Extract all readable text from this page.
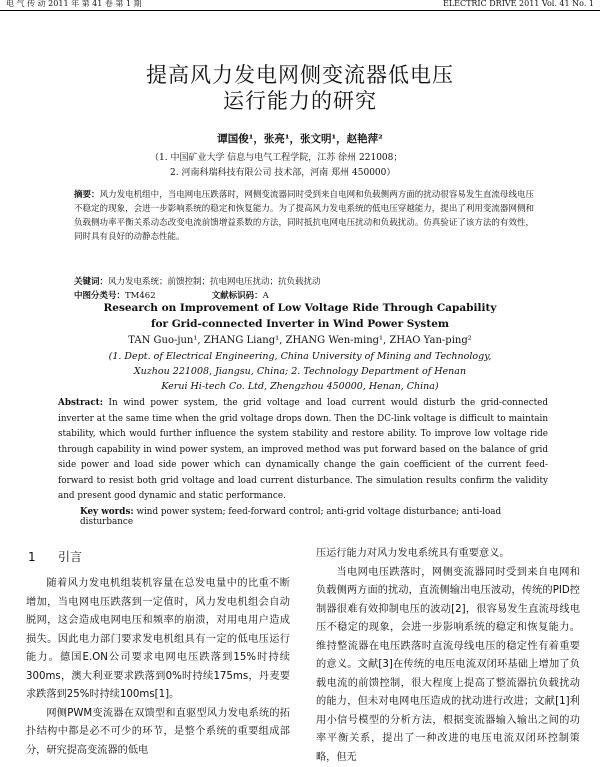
电 气 传 动 2011 年 第 41 卷 第 1 期	ELECTRIC DRIVE 2011 Vol. 41 No. 1
提高风力发电网侧变流器低电压
运行能力的研究
谭国俊¹，张亮¹，张文明¹，赵艳萍²
（1. 中国矿业大学 信息与电气工程学院，江苏 徐州 221008；
2. 河南科瑞科技有限公司 技术部，河南 郑州 450000）
摘要：风力发电机组中，当电网电压跌落时，网侧变流器同时受到来自电网和负载侧两方面的扰动很容易发生直流母线电压不稳定的现象，会进一步影响系统的稳定和恢复能力。为了提高风力发电系统的低电压穿越能力，提出了利用变流器网侧和负载侧功率平衡关系动态改变电流前馈增益系数的方法，同时抵抗电网电压扰动和负载扰动。仿真验证了该方法的有效性，同时具有良好的动静态性能。
关键词：风力发电系统；前馈控制；抗电网电压扰动；抗负载扰动
中图分类号：TM462	文献标识码：A
Research on Improvement of Low Voltage Ride Through Capability
for Grid-connected Inverter in Wind Power System
TAN Guo-jun¹, ZHANG Liang¹, ZHANG Wen-ming¹, ZHAO Yan-ping²
(1. Dept. of Electrical Engineering, China University of Mining and Technology,
Xuzhou 221008, Jiangsu, China; 2. Technology Department of Henan
Kerui Hi-tech Co. Ltd, Zhengzhou 450000, Henan, China)
Abstract: In wind power system, the grid voltage and load current would disturb the grid-connected inverter at the same time when the grid voltage drops down. Then the DC-link voltage is difficult to maintain stability, which would further influence the system stability and restore ability. To improve low voltage ride through capability in wind power system, an improved method was put forward based on the balance of grid side power and load side power which can dynamically change the gain coefficient of the current feed-forward to resist both grid voltage and load current disturbance. The simulation results confirm the validity and present good dynamic and static performance.
Key words: wind power system; feed-forward control; anti-grid voltage disturbance; anti-load disturbance
1 引言

随着风力发电机组装机容量在总发电量中的比重不断增加，当电网电压跌落到一定值时，风力发电机组会自动脱网，这会造成电网电压和频率的崩溃，对用电用户造成损失。因此电力部门要求发电机组具有一定的低电压运行能力。德国E.ON公司要求电网电压跌落到15%时持续300ms，澳大利亚要求跌落到0%时持续175ms，丹麦要求跌落到25%时持续100ms[1]。

网侧PWM变流器在双馈型和直驱型风力发电系统的拓扑结构中都是必不可少的环节，是整个系统的重要组成部分，研究提高变流器的低电

压运行能力对风力发电系统具有重要意义。

当电网电压跌落时，网侧变流器同时受到来自电网和负载侧两方面的扰动，直流侧输出电压波动，传统的PID控制器很难有效抑制电压的波动[2]，很容易发生直流母线电压不稳定的现象，会进一步影响系统的稳定和恢复能力。维持整流器在电压跌落时直流母线电压的稳定性有着重要的意义。文献[3]在传统的电压电流双闭环基础上增加了负载电流的前馈控制，很大程度上提高了整流器抗负载扰动的能力，但未对电网电压造成的扰动进行改进；文献[1]利用小信号模型的分析方法，根据变流器输入输出之间的功率平衡关系，提出了一种改进的电压电流双闭环控制策略，但无
